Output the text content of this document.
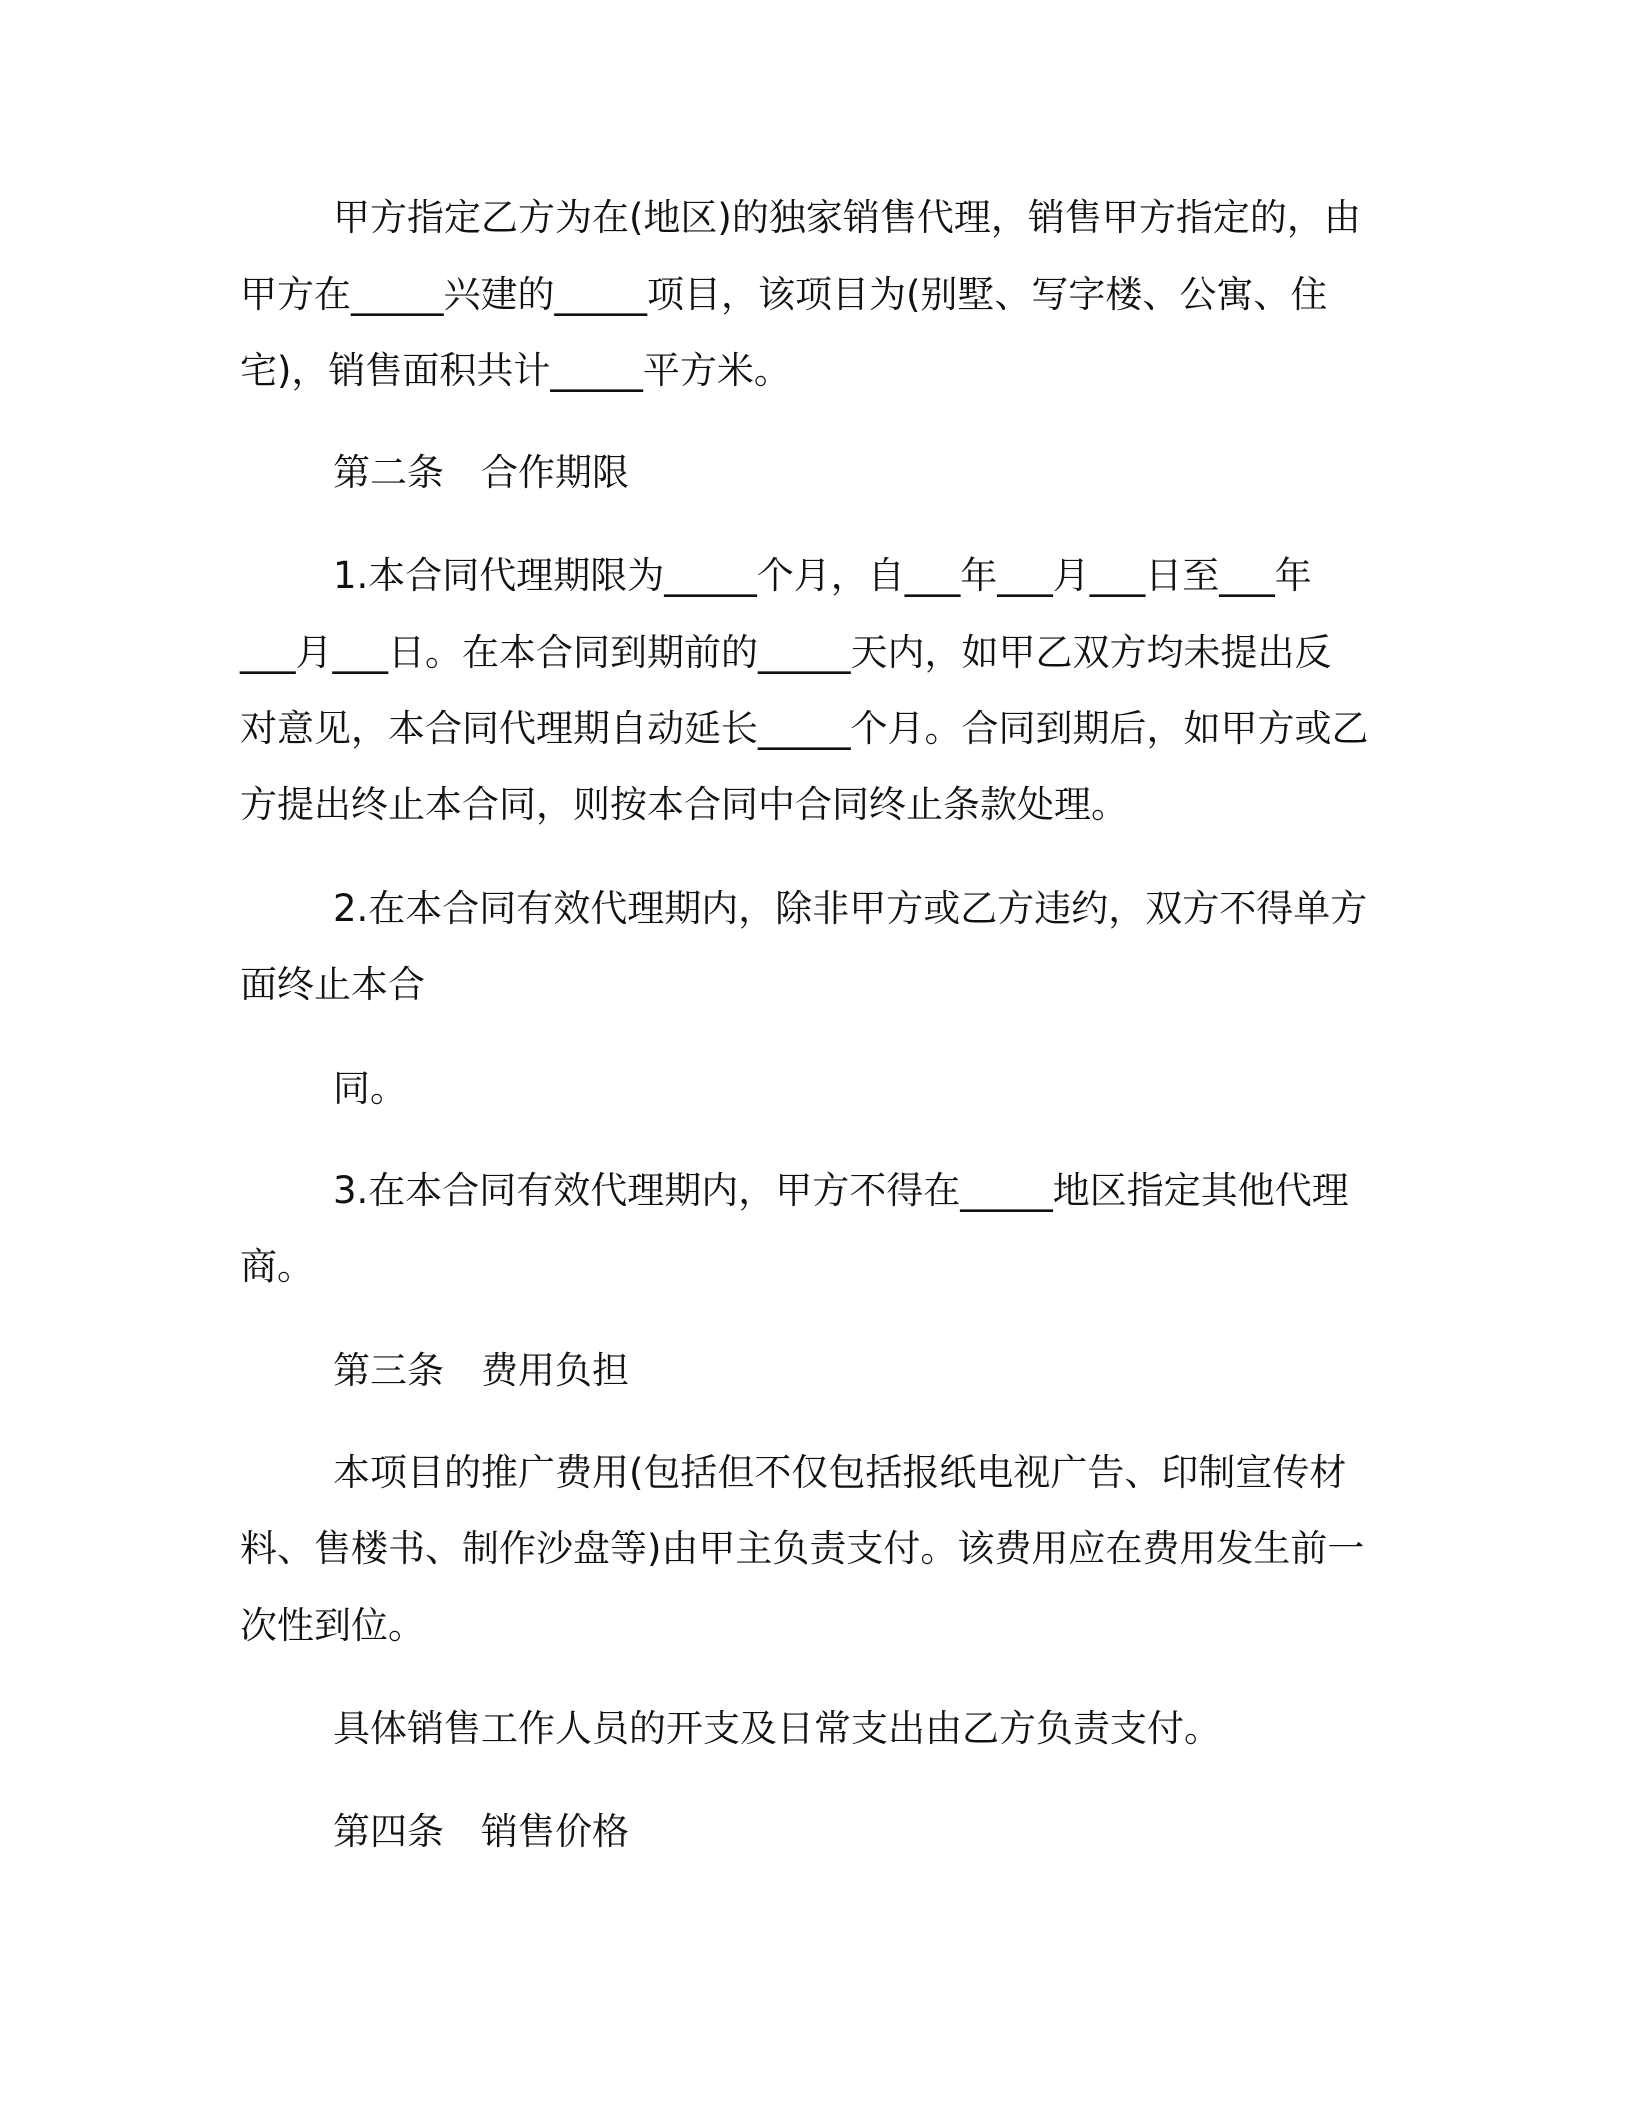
甲方指定乙方为在(地区)的独家销售代理，销售甲方指定的，由

甲方在_____兴建的_____项目，该项目为(别墅、写字楼、公寓、住

宅)，销售面积共计_____平方米。

第二条　合作期限

1.本合同代理期限为_____个月，自___年___月___日至___年

___月___日。在本合同到期前的_____天内，如甲乙双方均未提出反

对意见，本合同代理期自动延长_____个月。合同到期后，如甲方或乙

方提出终止本合同，则按本合同中合同终止条款处理。

2.在本合同有效代理期内，除非甲方或乙方违约，双方不得单方

面终止本合

同。

3.在本合同有效代理期内，甲方不得在_____地区指定其他代理

商。

第三条　费用负担

本项目的推广费用(包括但不仅包括报纸电视广告、印制宣传材

料、售楼书、制作沙盘等)由甲主负责支付。该费用应在费用发生前一

次性到位。

具体销售工作人员的开支及日常支出由乙方负责支付。

第四条　销售价格
